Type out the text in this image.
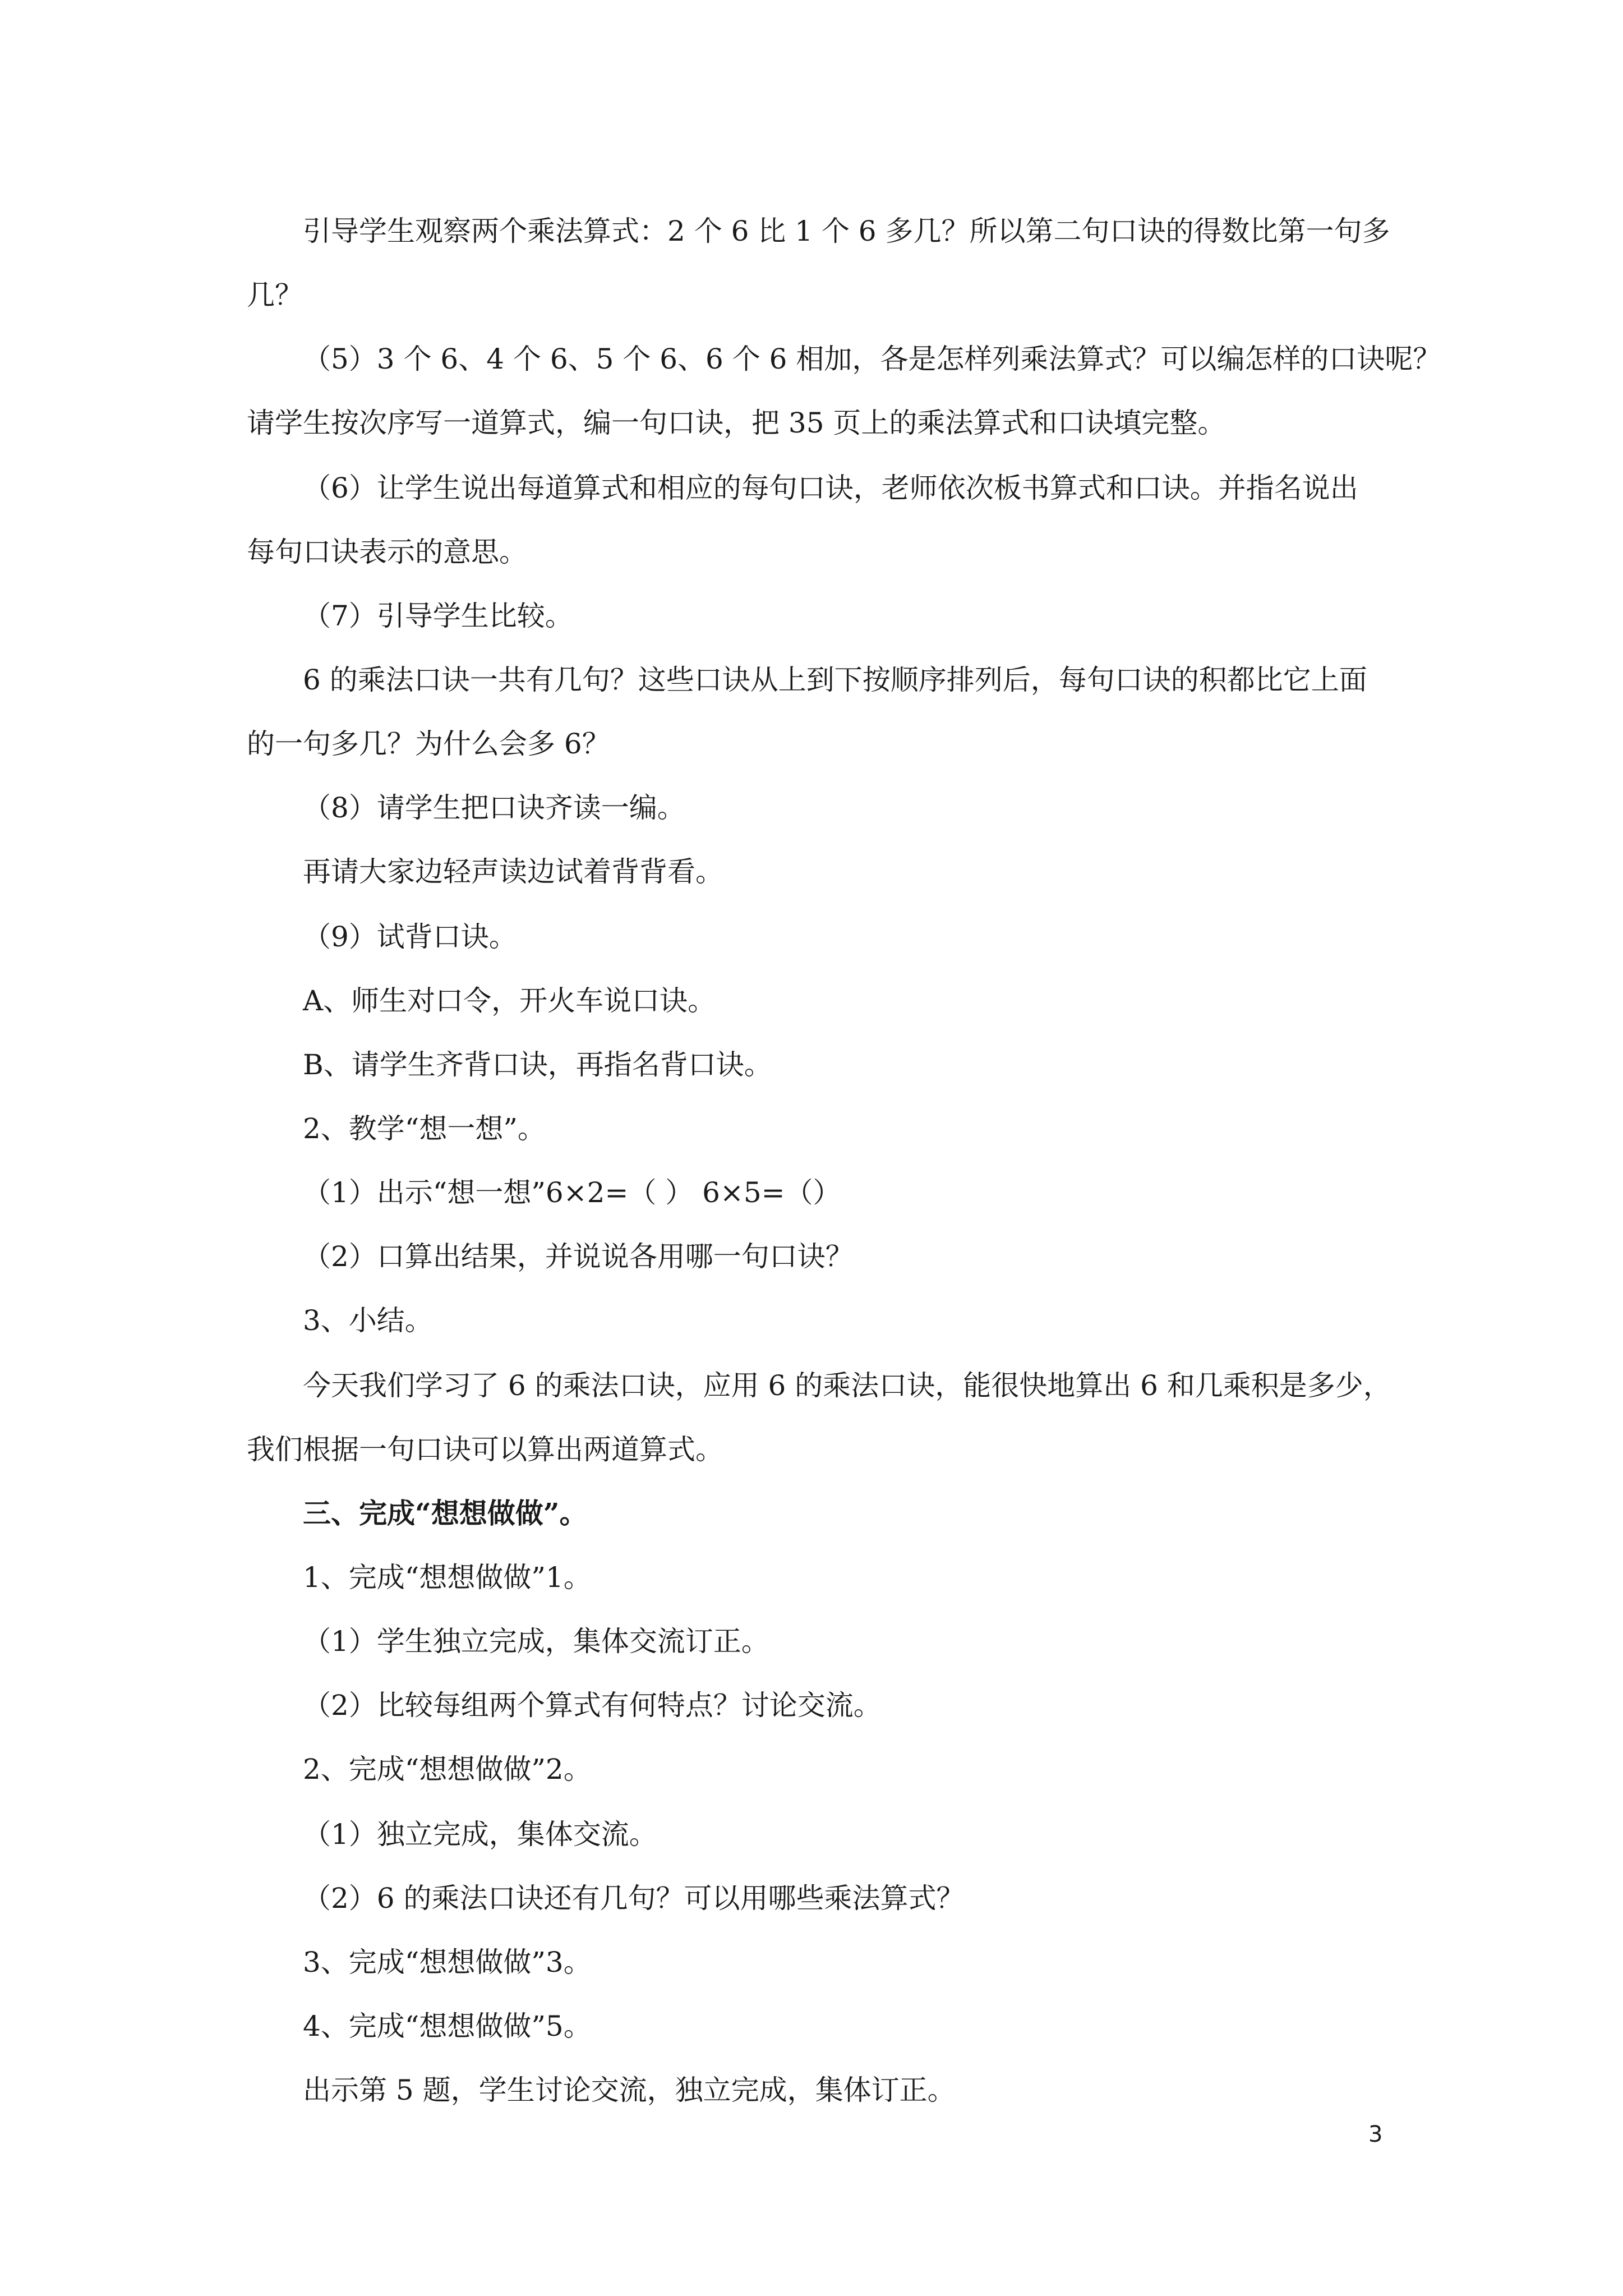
引导学生观察两个乘法算式：2 个 6 比 1 个 6 多几？所以第二句口诀的得数比第一句多
几？
（5）3 个 6、4 个 6、5 个 6、6 个 6 相加，各是怎样列乘法算式？可以编怎样的口诀呢？
请学生按次序写一道算式，编一句口诀，把 35 页上的乘法算式和口诀填完整。
（6）让学生说出每道算式和相应的每句口诀，老师依次板书算式和口诀。并指名说出
每句口诀表示的意思。
（7）引导学生比较。
6 的乘法口诀一共有几句？这些口诀从上到下按顺序排列后，每句口诀的积都比它上面
的一句多几？为什么会多 6？
（8）请学生把口诀齐读一编。
再请大家边轻声读边试着背背看。
（9）试背口诀。
A、师生对口令，开火车说口诀。
B、请学生齐背口诀，再指名背口诀。
2、教学“想一想”。
（1）出示“想一想”6×2=（ ） 6×5=（）
（2）口算出结果，并说说各用哪一句口诀？
3、小结。
今天我们学习了 6 的乘法口诀，应用 6 的乘法口诀，能很快地算出 6 和几乘积是多少，
我们根据一句口诀可以算出两道算式。
三、完成“想想做做”。
1、完成“想想做做”1。
（1）学生独立完成，集体交流订正。
（2）比较每组两个算式有何特点？讨论交流。
2、完成“想想做做”2。
（1）独立完成，集体交流。
（2）6 的乘法口诀还有几句？可以用哪些乘法算式？
3、完成“想想做做”3。
4、完成“想想做做”5。
出示第 5 题，学生讨论交流，独立完成，集体订正。
3
